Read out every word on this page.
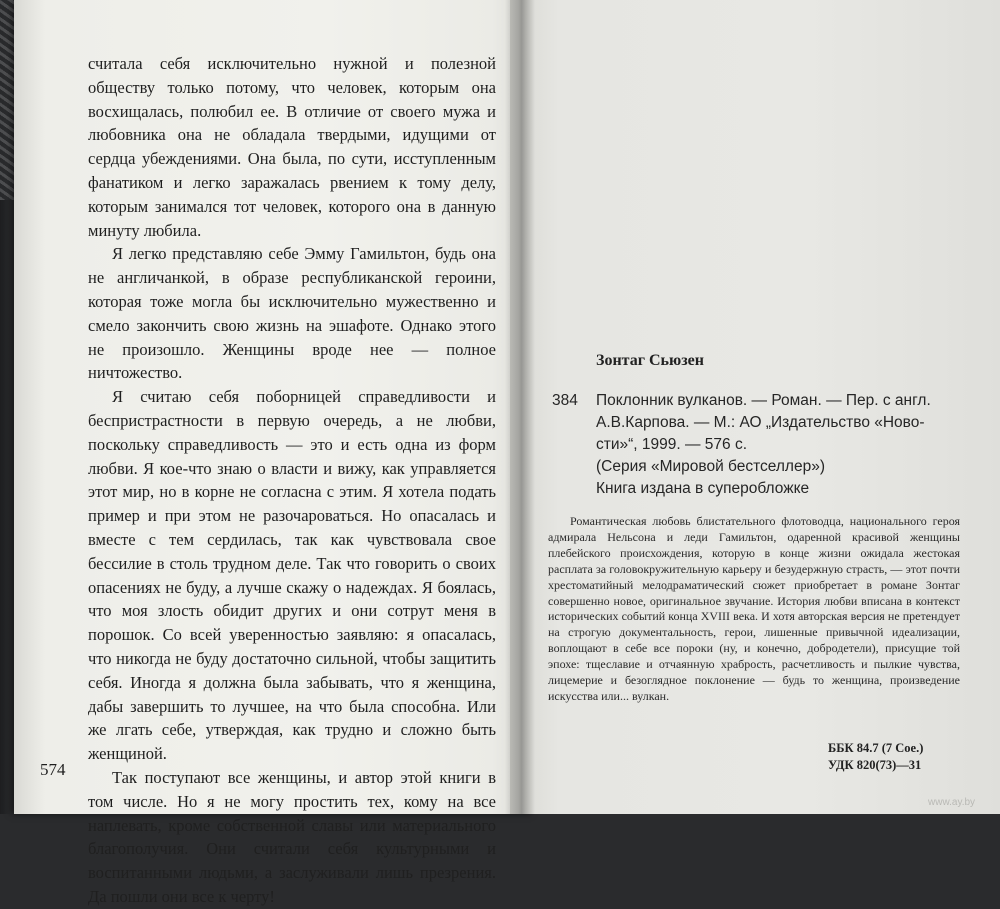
считала себя исключительно нужной и полезной обществу только потому, что человек, которым она восхищалась, полюбил ее. В отличие от своего мужа и любовника она не обладала твердыми, идущими от сердца убеждениями. Она была, по сути, исступленным фанатиком и легко заражалась рвением к тому делу, которым занимался тот человек, которого она в данную минуту любила.

Я легко представляю себе Эмму Гамильтон, будь она не англичанкой, в образе республиканской героини, которая тоже могла бы исключительно мужественно и смело закончить свою жизнь на эшафоте. Однако этого не произошло. Женщины вроде нее — полное ничтожество.

Я считаю себя поборницей справедливости и беспристрастности в первую очередь, а не любви, поскольку справедливость — это и есть одна из форм любви. Я кое-что знаю о власти и вижу, как управляется этот мир, но в корне не согласна с этим. Я хотела подать пример и при этом не разочароваться. Но опасалась и вместе с тем сердилась, так как чувствовала свое бессилие в столь трудном деле. Так что говорить о своих опасениях не буду, а лучше скажу о надеждах. Я боялась, что моя злость обидит других и они сотрут меня в порошок. Со всей уверенностью заявляю: я опасалась, что никогда не буду достаточно сильной, чтобы защитить себя. Иногда я должна была забывать, что я женщина, дабы завершить то лучшее, на что была способна. Или же лгать себе, утверждая, как трудно и сложно быть женщиной.

Так поступают все женщины, и автор этой книги в том числе. Но я не могу простить тех, кому на все наплевать, кроме собственной славы или материального благополучия. Они считали себя культурными и воспитанными людьми, а заслуживали лишь презрения. Да пошли они все к черту!

574
Зонтаг Сьюзен
384 Поклонник вулканов. — Роман. — Пер. с англ.
А.В.Карпова. — М.: АО „Издательство «Ново-
сти»“, 1999. — 576 с.
(Серия «Мировой бестселлер»)
Книга издана в суперобложке

Романтическая любовь блистательного флотоводца, национального героя адмирала Нельсона и леди Гамильтон, одаренной красивой женщины плебейского происхождения, которую в конце жизни ожидала жестокая расплата за головокружительную карьеру и безудержную страсть, — этот почти хрестоматийный мелодраматический сюжет приобретает в романе Зонтаг совершенно новое, оригинальное звучание. История любви вписана в контекст исторических событий конца XVIII века. И хотя авторская версия не претендует на строгую документальность, герои, лишенные привычной идеализации, воплощают в себе все пороки (ну, и конечно, добродетели), присущие той эпохе: тщеславие и отчаянную храбрость, расчетливость и пылкие чувства, лицемерие и безоглядное поклонение — будь то женщина, произведение искусства или... вулкан.

ББК 84.7 (7 Сое.)
УДК 820(73)—31
www.ay.by
